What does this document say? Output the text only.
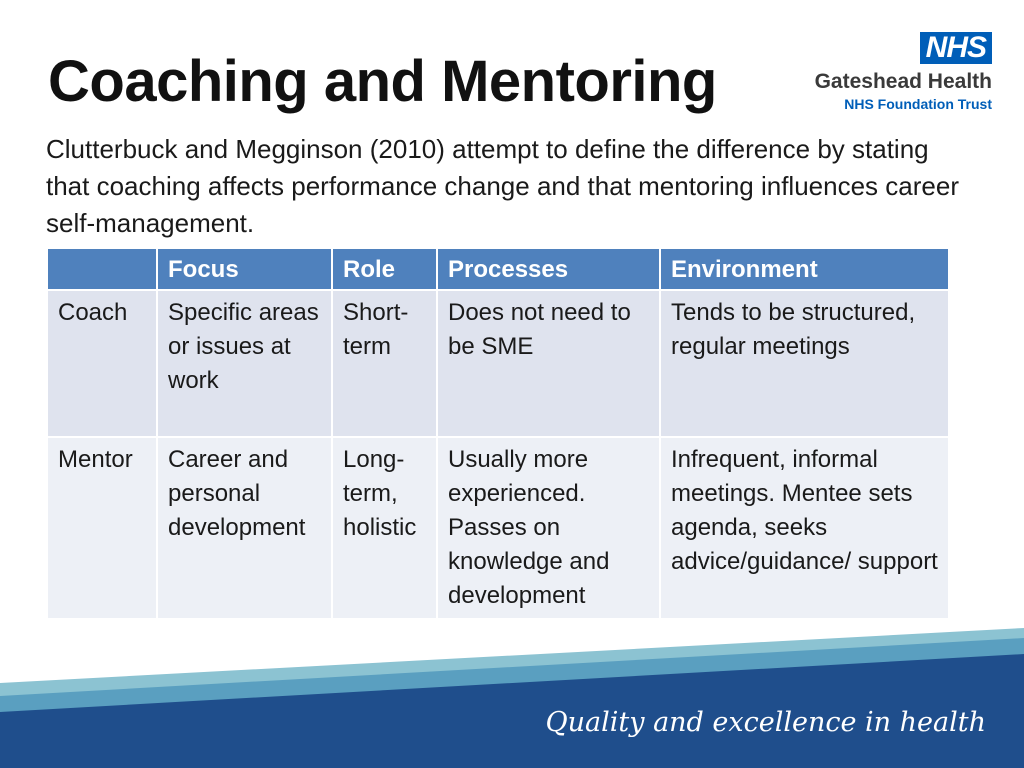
Coaching and Mentoring
NHS
Gateshead Health
NHS Foundation Trust
Clutterbuck and Megginson (2010) attempt to define the difference by stating that coaching affects performance change and that mentoring influences career self-management.
	Focus	Role	Processes	Environment
Coach	Specific areas or issues at work	Short-term	Does not need to be SME	Tends to be structured, regular meetings
Mentor	Career and personal development	Long-term, holistic	Usually more experienced. Passes on knowledge and development	Infrequent, informal meetings. Mentee sets agenda, seeks advice/guidance/ support
Quality and excellence in health
